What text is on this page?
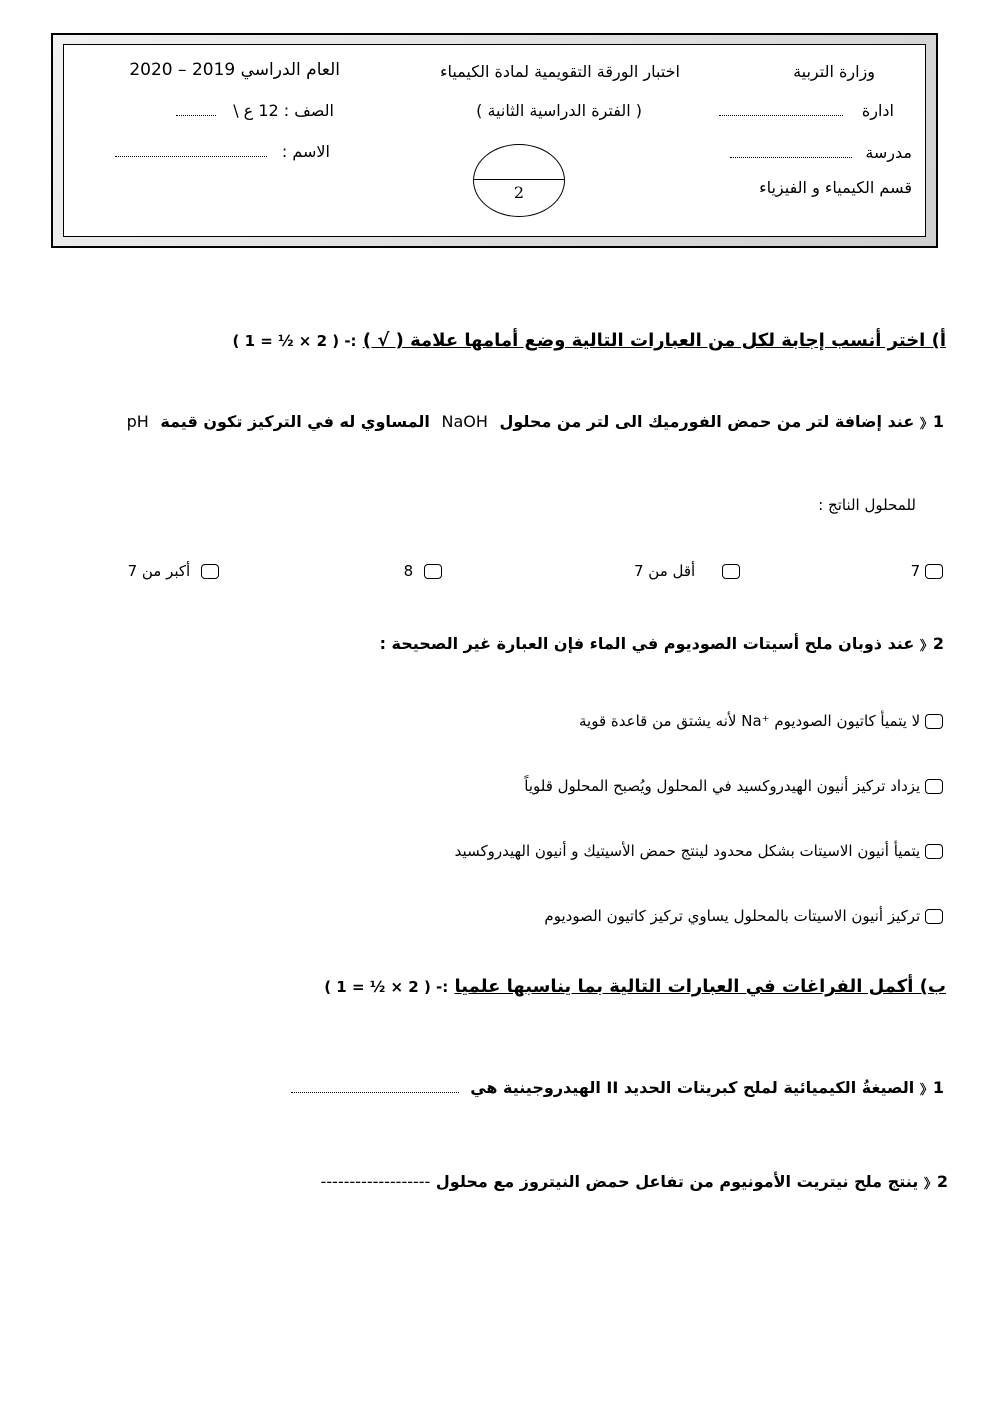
وزارة التربية
ادارة
مدرسة
قسم الكيمياء و الفيزياء
اختبار الورقة التقويمية لمادة الكيمياء
( الفترة الدراسية الثانية )
2
العام الدراسي 2019 – 2020
الصف : 12 ع \
الاسم :
أ) اختر أنسب إجابة لكل من العبارات التالية وضع أمامها علامة ( √ ) :- ( 2 × ½ = 1 )
1《 عند إضافة لتر من حمض الفورميك الى لتر من محلول NaOH المساوي له في التركيز تكون قيمة pH
للمحلول الناتج :
7
أقل من 7
8
أكبر من 7
2《 عند ذوبان ملح أسيتات الصوديوم في الماء فإن العبارة غير الصحيحة :
لا يتميأ كاتيون الصوديوم ⁺Na لأنه يشتق من قاعدة قوية
يزداد تركيز أنيون الهيدروكسيد في المحلول ويُصبح المحلول قلوياً
يتميأ أنيون الاسيتات بشكل محدود لينتج حمض الأسيتيك و أنيون الهيدروكسيد
تركيز أنيون الاسيتات بالمحلول يساوي تركيز كاتيون الصوديوم
ب) أكمل الفراغات في العبارات التالية بما يناسبها علميا :- ( 2 × ½ = 1 )
1《 الصيغةُ الكيميائية لملح كبريتات الحديد II الهيدروجينية هي
2《 ينتج ملح نيتريت الأمونيوم من تفاعل حمض النيتروز مع محلول -------------------
